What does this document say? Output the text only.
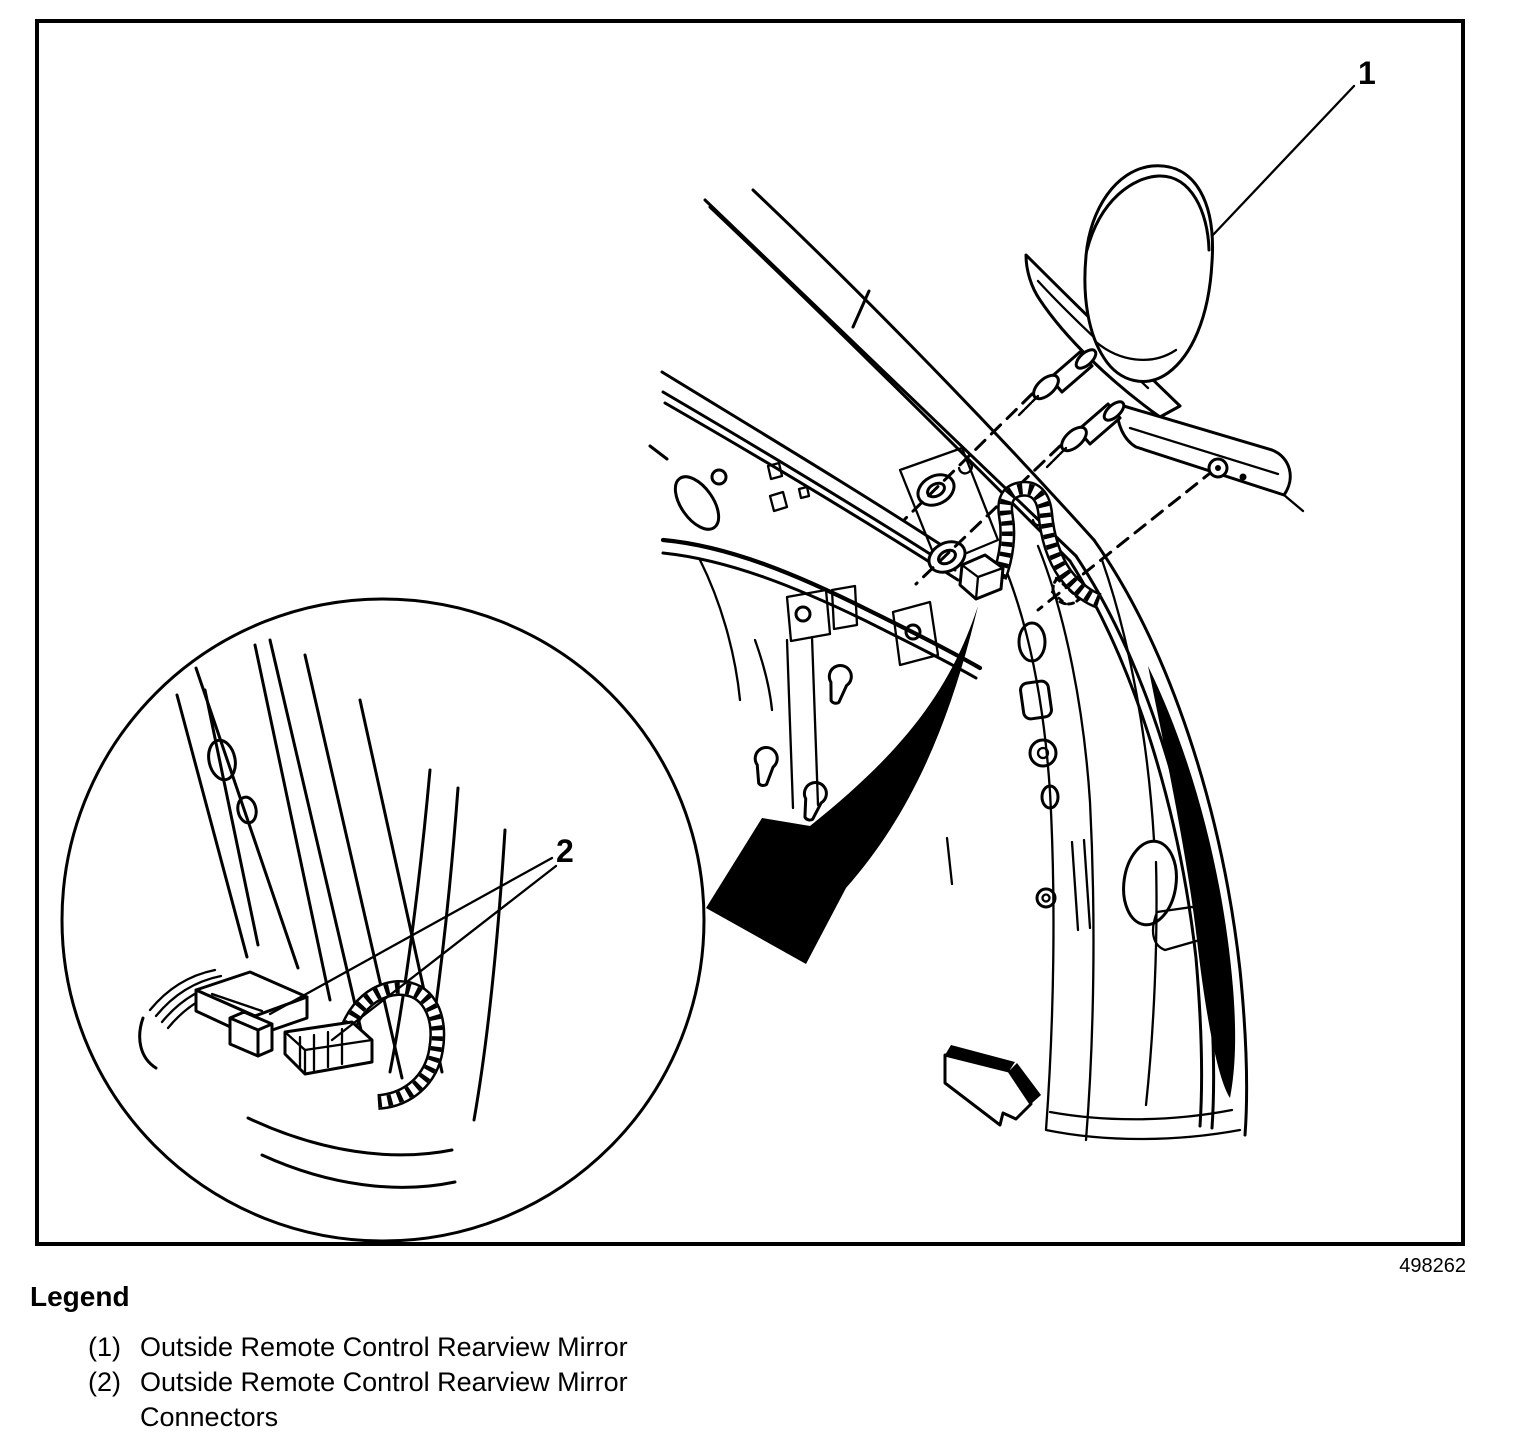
1
2
498262
Legend
(1) Outside Remote Control Rearview Mirror
(2) Outside Remote Control Rearview Mirror Connectors
